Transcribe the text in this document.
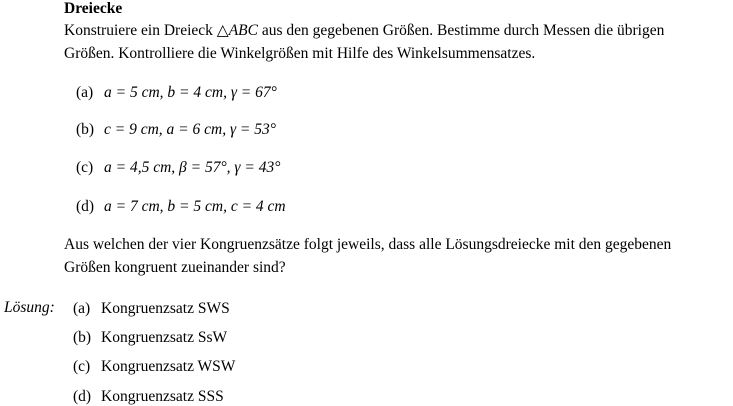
Dreiecke
Konstruiere ein Dreieck △ABC aus den gegebenen Größen. Bestimme durch Messen die übrigen
Größen. Kontrolliere die Winkelgrößen mit Hilfe des Winkelsummensatzes.
(a) a = 5 cm, b = 4 cm, γ = 67°
(b) c = 9 cm, a = 6 cm, γ = 53°
(c) a = 4,5 cm, β = 57°, γ = 43°
(d) a = 7 cm, b = 5 cm, c = 4 cm
Aus welchen der vier Kongruenzsätze folgt jeweils, dass alle Lösungsdreiecke mit den gegebenen
Größen kongruent zueinander sind?
Lösung: (a) Kongruenzsatz SWS
(b) Kongruenzsatz SsW
(c) Kongruenzsatz WSW
(d) Kongruenzsatz SSS
